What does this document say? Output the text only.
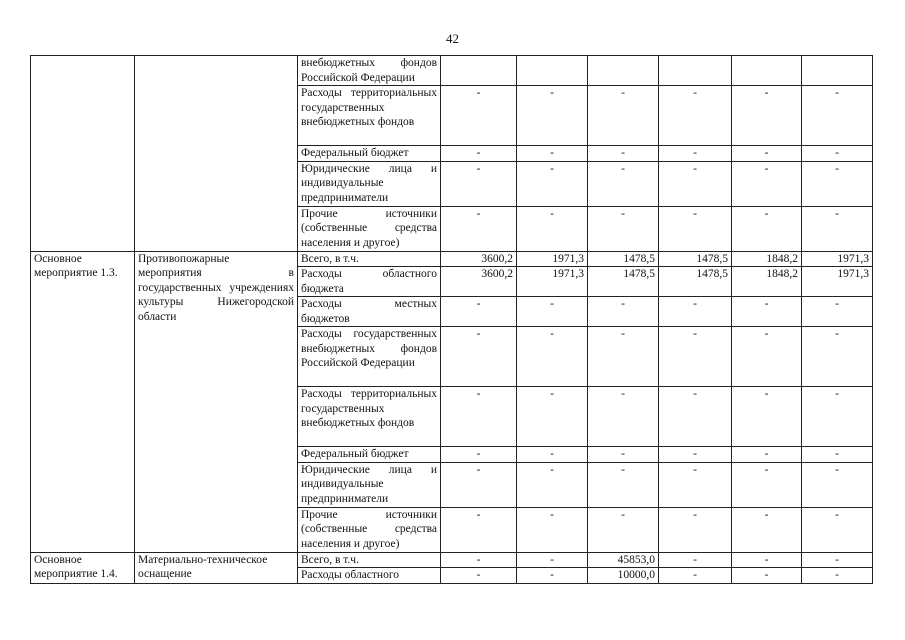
42
		внебюджетных фондов Российской Федерации						
		Расходы территориальных государственных внебюджетных фондов	-	-	-	-	-	-
		Федеральный бюджет	-	-	-	-	-	-
		Юридические лица и индивидуальные предприниматели	-	-	-	-	-	-
		Прочие источники (собственные средства населения и другое)	-	-	-	-	-	-
Основное мероприятие 1.3.	Противопожарные мероприятия в государственных учреждениях культуры Нижегородской области	Всего, в т.ч.	3600,2	1971,3	1478,5	1478,5	1848,2	1971,3
		Расходы областного бюджета	3600,2	1971,3	1478,5	1478,5	1848,2	1971,3
		Расходы местных бюджетов	-	-	-	-	-	-
		Расходы государственных внебюджетных фондов Российской Федерации	-	-	-	-	-	-
		Расходы территориальных государственных внебюджетных фондов	-	-	-	-	-	-
		Федеральный бюджет	-	-	-	-	-	-
		Юридические лица и индивидуальные предприниматели	-	-	-	-	-	-
		Прочие источники (собственные средства населения и другое)	-	-	-	-	-	-
Основное мероприятие 1.4.	Материально-техническое оснащение	Всего, в т.ч.	-	-	45853,0	-	-	-
		Расходы областного	-	-	10000,0	-	-	-
